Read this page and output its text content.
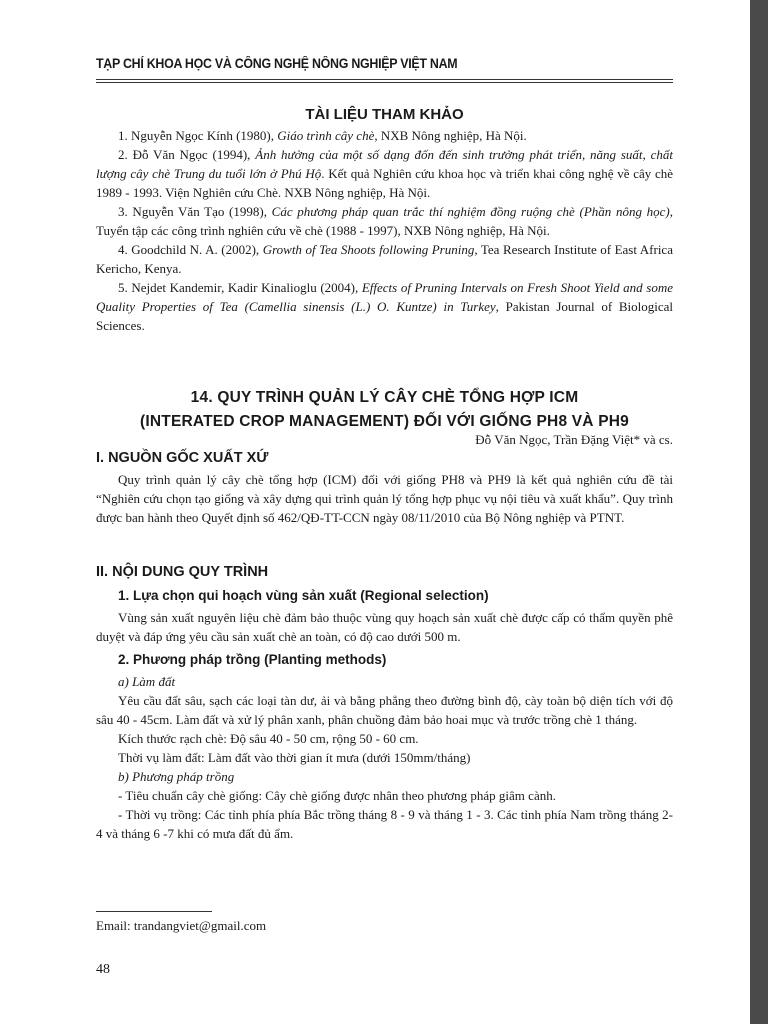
TẠP CHÍ KHOA HỌC VÀ CÔNG NGHỆ NÔNG NGHIỆP VIỆT NAM
TÀI LIỆU THAM KHẢO

1. Nguyễn Ngọc Kính (1980), Giáo trình cây chè, NXB Nông nghiệp, Hà Nội.

2. Đỗ Văn Ngọc (1994), Ảnh hưởng của một số dạng đốn đến sinh trưởng phát triển, năng suất, chất lượng cây chè Trung du tuổi lớn ở Phú Hộ. Kết quả Nghiên cứu khoa học và triển khai công nghệ về cây chè 1989 - 1993. Viện Nghiên cứu Chè. NXB Nông nghiệp, Hà Nội.

3. Nguyễn Văn Tạo (1998), Các phương pháp quan trắc thí nghiệm đồng ruộng chè (Phần nông học), Tuyển tập các công trình nghiên cứu về chè (1988 - 1997), NXB Nông nghiệp, Hà Nội.

4. Goodchild N. A. (2002), Growth of Tea Shoots following Pruning, Tea Research Institute of East Africa Kericho, Kenya.

5. Nejdet Kandemir, Kadir Kinalioglu (2004), Effects of Pruning Intervals on Fresh Shoot Yield and some Quality Properties of Tea (Camellia sinensis (L.) O. Kuntze) in Turkey, Pakistan Journal of Biological Sciences.

14. QUY TRÌNH QUẢN LÝ CÂY CHÈ TỔNG HỢP ICM
(INTERATED CROP MANAGEMENT) ĐỐI VỚI GIỐNG PH8 VÀ PH9
Đỗ Văn Ngọc, Trần Đặng Việt* và cs.
I. NGUỒN GỐC XUẤT XỨ

Quy trình quản lý cây chè tổng hợp (ICM) đối với giống PH8 và PH9 là kết quả nghiên cứu đề tài “Nghiên cứu chọn tạo giống và xây dựng qui trình quản lý tổng hợp phục vụ nội tiêu và xuất khẩu”. Quy trình được ban hành theo Quyết định số 462/QĐ-TT-CCN ngày 08/11/2010 của Bộ Nông nghiệp và PTNT.

II. NỘI DUNG QUY TRÌNH
1. Lựa chọn qui hoạch vùng sản xuất (Regional selection)

Vùng sản xuất nguyên liệu chè đảm bảo thuộc vùng quy hoạch sản xuất chè được cấp có thẩm quyền phê duyệt và đáp ứng yêu cầu sản xuất chè an toàn, có độ cao dưới 500 m.

2. Phương pháp trồng (Planting methods)

a) Làm đất

Yêu cầu đất sâu, sạch các loại tàn dư, ải và bằng phẳng theo đường bình độ, cày toàn bộ diện tích với độ sâu 40 - 45cm. Làm đất và xử lý phân xanh, phân chuồng đảm bảo hoai mục và trước trồng chè 1 tháng.

Kích thước rạch chè: Độ sâu 40 - 50 cm, rộng 50 - 60 cm.

Thời vụ làm đất: Làm đất vào thời gian ít mưa (dưới 150mm/tháng)

b) Phương pháp trồng

- Tiêu chuẩn cây chè giống: Cây chè giống được nhân theo phương pháp giâm cành.

- Thời vụ trồng: Các tỉnh phía phía Bắc trồng tháng 8 - 9 và tháng 1 - 3. Các tỉnh phía Nam trồng tháng 2- 4 và tháng 6 -7 khi có mưa đất đủ ẩm.

Email: trandangviet@gmail.com
48
